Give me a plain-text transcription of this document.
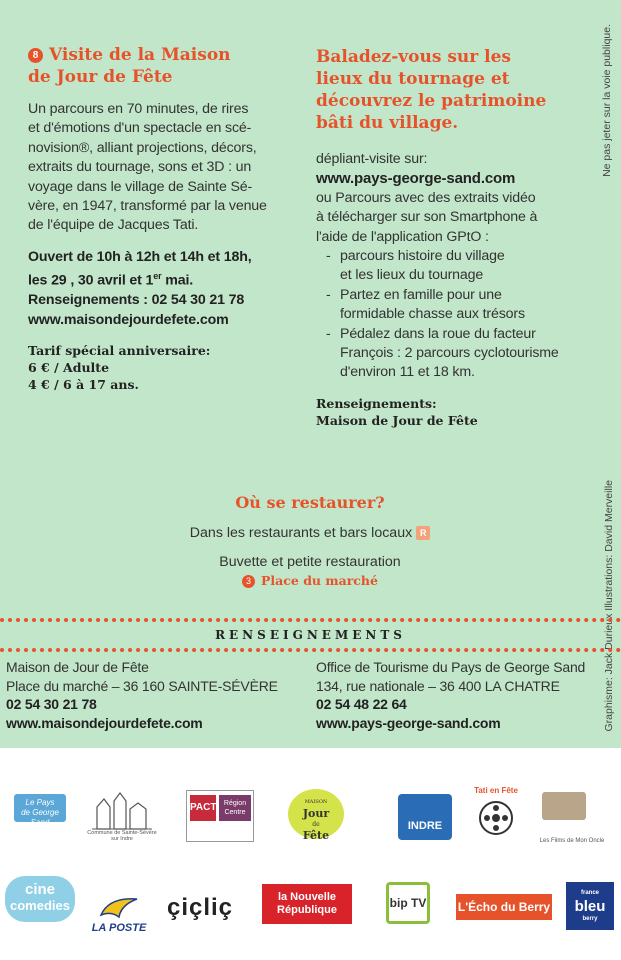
8 Visite de la Maison
de Jour de Fête
Un parcours en 70 minutes, de rires
et d'émotions d'un spectacle en scé-
novision®, alliant projections, décors,
extraits du tournage, sons et 3D : un
voyage dans le village de Sainte Sé-
vère, en 1947, transformé par la venue
de l'équipe de Jacques Tati.
Ouvert de 10h à 12h et 14h et 18h,
les 29 , 30 avril et 1er mai.
Renseignements : 02 54 30 21 78
www.maisondejourdefete.com
Tarif spécial anniversaire:
6 € / Adulte
4 € / 6 à 17 ans.
Baladez-vous sur les
lieux du tournage et
découvrez le patrimoine
bâti du village.
dépliant-visite sur:
www.pays-george-sand.com
ou Parcours avec des extraits vidéo
à télécharger sur son Smartphone à
l'aide de l'application GPtO :
- parcours histoire du village
et les lieux du tournage
- Partez en famille pour une
formidable chasse aux trésors
- Pédalez dans la roue du facteur
François : 2 parcours cyclotourisme
d'environ 11 et 18 km.
Renseignements:
Maison de Jour de Fête
Ne pas jeter sur la voie publique.
Graphisme: Jack Durieux Illustrations: David Merveille
Où se restaurer?
Dans les restaurants et bars locaux R
Buvette et petite restauration
3 Place du marché
RENSEIGNEMENTS
Maison de Jour de Fête
Place du marché – 36 160 SAINTE-SÉVÈRE
02 54 30 21 78
www.maisondejourdefete.com
Office de Tourisme du Pays de George Sand
134, rue nationale – 36 400 LA CHATRE
02 54 48 22 64
www.pays-george-sand.com
Le Pays
de George Sand
Commune de Sainte-Sévère sur Indre
PACT	Région Centre
MAISON
Jour
de
Fête
INDRE
Tati en Fête
Les Films de Mon Oncle
cine
comedies
LA POSTE
çiçliç	la Nouvelle
République	bip TV	L'Écho du Berry
france
bleu
berry
